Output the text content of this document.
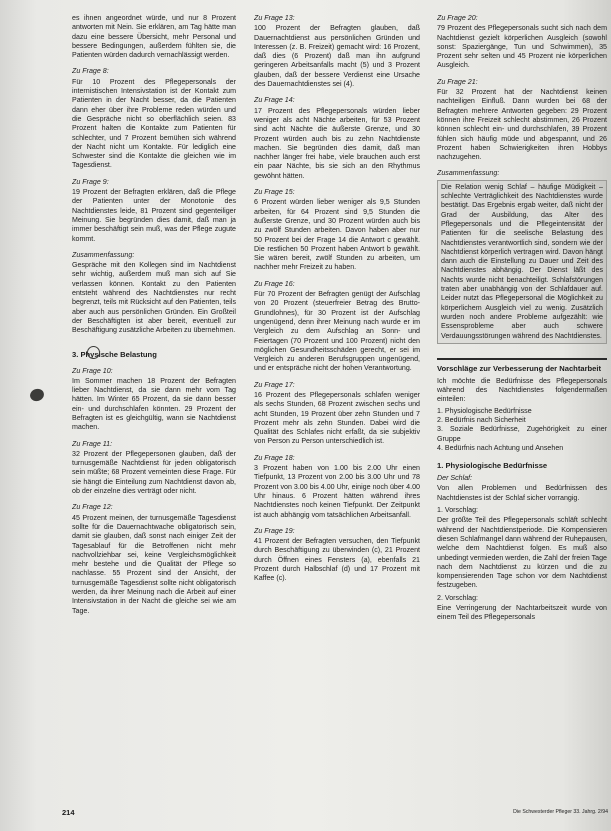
es ihnen angeordnet würde, und nur 8 Prozent antworten mit Nein. Sie erklären, am Tag hätte man dazu eine bessere Übersicht, mehr Personal und bessere Bedingungen, außerdem fühlten sie, die Patienten würden dadurch vernachlässigt werden.

Zu Frage 8:

Für 10 Prozent des Pflegepersonals der internistischen Intensivstation ist der Kontakt zum Patienten in der Nacht besser, da die Patienten dann eher über ihre Probleme reden würden und die Gespräche nicht so oberflächlich seien. 83 Prozent halten die Kontakte zum Patienten für schlechter, und 7 Prozent bemühen sich während der Nacht nicht um Kontakte. Für lediglich eine Schwester sind die Kontakte die gleichen wie im Tagesdienst.

Zu Frage 9:

19 Prozent der Befragten erklären, daß die Pflege der Patienten unter der Monotonie des Nachtdienstes leide, 81 Prozent sind gegenteiliger Meinung. Sie begründen dies damit, daß man ja immer beschäftigt sein muß, was der Pflege zugute kommt.

Zusammenfassung:

Gespräche mit den Kollegen sind im Nachtdienst sehr wichtig, außerdem muß man sich auf Sie verlassen können. Kontakt zu den Patienten entsteht während des Nachtdienstes nur recht begrenzt, teils mit Rücksicht auf den Patienten, teils aber auch aus persönlichen Gründen. Ein Großteil der Beschäftigten ist aber bereit, eventuell zur Beschäftigung zusätzliche Arbeiten zu übernehmen.

3. Physische Belastung
Zu Frage 10:

Im Sommer machen 18 Prozent der Befragten lieber Nachtdienst, da sie dann mehr vom Tag hätten. Im Winter 65 Prozent, da sie dann besser ein- und durchschlafen könnten. 29 Prozent der Befragten ist es gleichgültig, wann sie Nachtdienst machen.

Zu Frage 11:

32 Prozent der Pflegepersonen glauben, daß der turnusgemäße Nachtdienst für jeden obligatorisch sein müßte; 68 Prozent verneinten diese Frage. Für sie hängt die Einteilung zum Nachtdienst davon ab, ob der einzelne dies verträgt oder nicht.

Zu Frage 12:

45 Prozent meinen, der turnusgemäße Tagesdienst sollte für die Dauernachtwache obligatorisch sein, damit sie glauben, daß sonst nach einiger Zeit der Tagesablauf für die Betroffenen nicht mehr nachvollziehbar sei, keine Vergleichsmöglichkeit mehr bestehe und die Qualität der Pflege so nachlasse. 55 Prozent sind der Ansicht, der turnusgemäße Tagesdienst sollte nicht obligatorisch werden, da ihrer Meinung nach die Arbeit auf einer Intensivstation in der Nacht die gleiche sei wie am Tage.

Zu Frage 13:

100 Prozent der Befragten glauben, daß Dauernachtdienst aus persönlichen Gründen und Interessen (z. B. Freizeit) gemacht wird: 16 Prozent, daß dies (6 Prozent) daß man ihn aufgrund geringeren Arbeitsanfalls macht (5) und 3 Prozent glauben, daß der bessere Verdienst eine Ursache des Dauernachtdienstes sei (4).

Zu Frage 14:

17 Prozent des Pflegepersonals würden lieber weniger als acht Nächte arbeiten, für 53 Prozent sind acht Nächte die äußerste Grenze, und 30 Prozent würden auch bis zu zehn Nachtdienste machen. Sie begründen dies damit, daß man nachher länger frei habe, viele brauchen auch erst ein paar Nächte, bis sie sich an den Rhythmus gewöhnt hätten.

Zu Frage 15:

6 Prozent würden lieber weniger als 9,5 Stunden arbeiten, für 64 Prozent sind 9,5 Stunden die äußerste Grenze, und 30 Prozent würden auch bis zu zwölf Stunden arbeiten. Davon haben aber nur 50 Prozent bei der Frage 14 die Antwort c gewählt. Die restlichen 50 Prozent haben Antwort b gewählt. Sie wären bereit, zwölf Stunden zu arbeiten, um nachher mehr Freizeit zu haben.

Zu Frage 16:

Für 70 Prozent der Befragten genügt der Aufschlag von 20 Prozent (steuerfreier Betrag des Brutto-Grundlohnes), für 30 Prozent ist der Aufschlag ungenügend, denn ihrer Meinung nach wurde er im Vergleich zu dem Aufschlag an Sonn- und Feiertagen (70 Prozent und 100 Prozent) nicht den möglichen Gesundheitsschäden gerecht, er sei im Vergleich zu anderen Berufsgruppen ungenügend, und er entspräche nicht der hohen Verantwortung.

Zu Frage 17:

16 Prozent des Pflegepersonals schlafen weniger als sechs Stunden, 68 Prozent zwischen sechs und acht Stunden, 19 Prozent über zehn Stunden und 7 Prozent mehr als zehn Stunden. Dabei wird die Qualität des Schlafes nicht erfaßt, da sie subjektiv von Person zu Person unterschiedlich ist.

Zu Frage 18:

3 Prozent haben von 1.00 bis 2.00 Uhr einen Tiefpunkt, 13 Prozent von 2.00 bis 3.00 Uhr und 78 Prozent von 3.00 bis 4.00 Uhr, einige noch über 4.00 Uhr hinaus. 6 Prozent hätten während ihres Nachtdienstes noch keinen Tiefpunkt. Der Zeitpunkt ist auch abhängig vom tatsächlichen Arbeitsanfall.

Zu Frage 19:

41 Prozent der Befragten versuchen, den Tiefpunkt durch Beschäftigung zu überwinden (c), 21 Prozent durch Öffnen eines Fensters (a), ebenfalls 21 Prozent durch Halbschlaf (d) und 17 Prozent mit Kaffee (c).

Zu Frage 20:

79 Prozent des Pflegepersonals sucht sich nach dem Nachtdienst gezielt körperlichen Ausgleich (sowohl sonst: Spaziergänge, Tun und Schwimmen), 35 Prozent sehr selten und 45 Prozent nie körperlichen Ausgleich.

Zu Frage 21:

Für 32 Prozent hat der Nachtdienst keinen nachteiligen Einfluß. Dann wurden bei 68 der Befragten mehrere Antworten gegeben: 29 Prozent können ihre Freizeit schlecht abstimmen, 26 Prozent können schlecht ein- und durchschlafen, 39 Prozent fühlen sich häufig müde und abgespannt, und 26 Prozent haben Schwierigkeiten ihren Hobbys nachzugehen.

Zusammenfassung:

Die Relation wenig Schlaf – häufige Müdigkeit – schlechte Verträglichkeit des Nachtdienstes wurde bestätigt. Das Ergebnis ergab weiter, daß nicht der Grad der Ausbildung, das Alter des Pflegepersonals und die Pflegeintensität der Patienten für die seelische Belastung des Nachtdienstes verantwortlich sind, sondern wie der Nachtdienst körperlich vertragen wird. Davon hängt dann auch die Einstellung zu Dauer und Zeit des Nachtdienstes abhängig. Der Dienst läßt des Nachts wurde nicht benachteiligt. Schlafstörungen traten aber unabhängig von der Schlafdauer auf. Leider nutzt das Pflegepersonal die Möglichkeit zu körperlichem Ausgleich viel zu wenig. Zusätzlich wurden noch andere Probleme aufgezählt: wie Essensprobleme aber auch schwere Verdauungsstörungen während des Nachtdienstes.

Vorschläge zur Verbesserung der Nachtarbeit

Ich möchte die Bedürfnisse des Pflegepersonals während des Nachtdienstes folgendermaßen einteilen:

1. Physiologische Bedürfnisse
2. Bedürfnis nach Sicherheit
3. Soziale Bedürfnisse, Zugehörigkeit zu einer Gruppe
4. Bedürfnis nach Achtung und Ansehen
1. Physiologische Bedürfnisse
Der Schlaf:

Von allen Problemen und Bedürfnissen des Nachtdienstes ist der Schlaf sicher vorrangig.

1. Vorschlag:

Der größte Teil des Pflegepersonals schläft schlecht während der Nachtdienstperiode. Die Kompensieren diesen Schlafmangel dann während der Ruhepausen, welche dem Nachtdienst folgen. Es muß also unbedingt vermieden werden, die Zahl der freien Tage nach dem Nachtdienst zu kürzen und die zu kompensierenden Tage schon vor dem Nachtdienst festzugeben.

2. Vorschlag:

Eine Verringerung der Nachtarbeitszeit wurde von einem Teil des Pflegepersonals

214	Die Schwesterder Pfleger 33. Jahrg. 2/94
